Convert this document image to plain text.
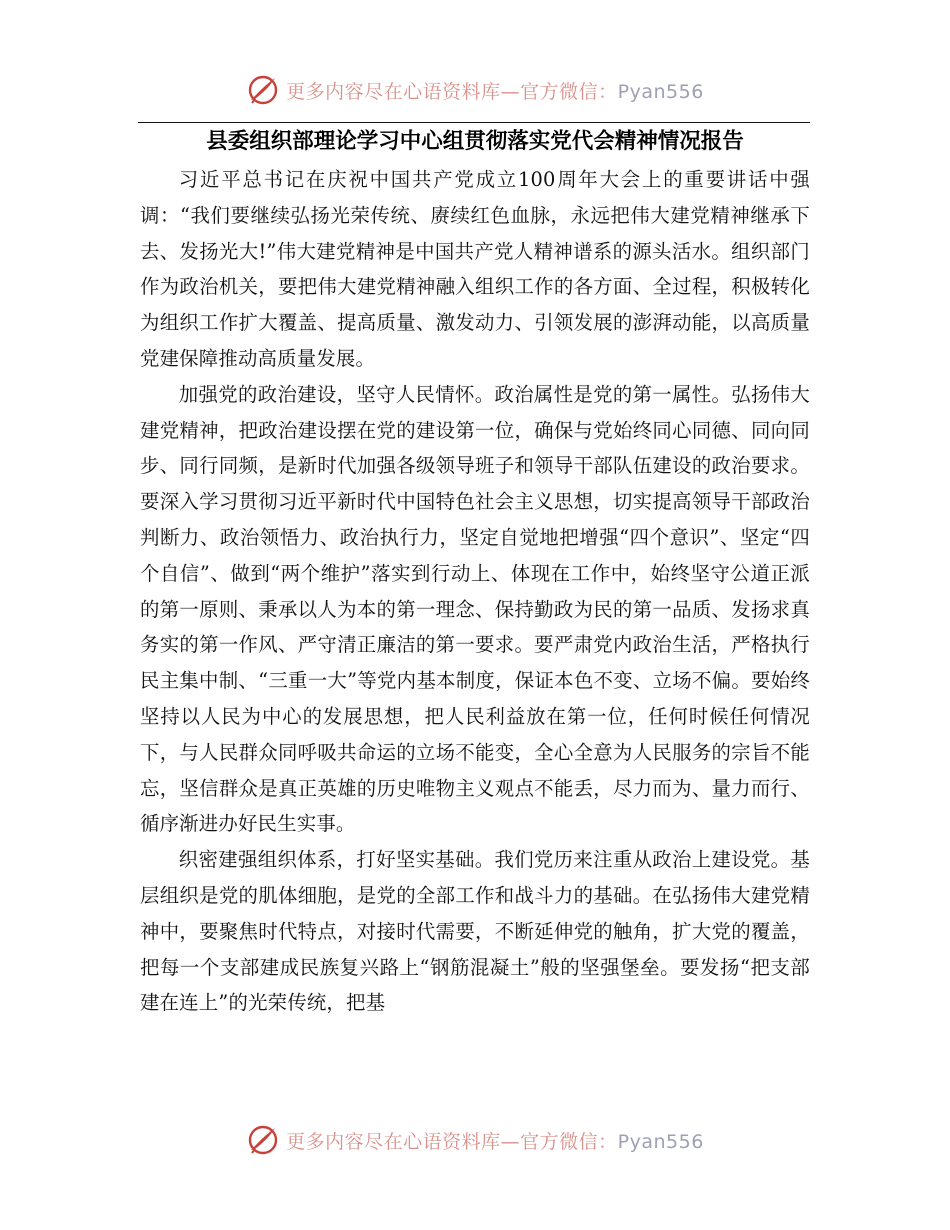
更多内容尽在心语资料库—官方微信：Pyan556
县委组织部理论学习中心组贯彻落实党代会精神情况报告

习近平总书记在庆祝中国共产党成立100周年大会上的重要讲话中强调：“我们要继续弘扬光荣传统、赓续红色血脉，永远把伟大建党精神继承下去、发扬光大!”伟大建党精神是中国共产党人精神谱系的源头活水。组织部门作为政治机关，要把伟大建党精神融入组织工作的各方面、全过程，积极转化为组织工作扩大覆盖、提高质量、激发动力、引领发展的澎湃动能，以高质量党建保障推动高质量发展。

加强党的政治建设，坚守人民情怀。政治属性是党的第一属性。弘扬伟大建党精神，把政治建设摆在党的建设第一位，确保与党始终同心同德、同向同步、同行同频，是新时代加强各级领导班子和领导干部队伍建设的政治要求。要深入学习贯彻习近平新时代中国特色社会主义思想，切实提高领导干部政治判断力、政治领悟力、政治执行力，坚定自觉地把增强“四个意识”、坚定“四个自信”、做到“两个维护”落实到行动上、体现在工作中，始终坚守公道正派的第一原则、秉承以人为本的第一理念、保持勤政为民的第一品质、发扬求真务实的第一作风、严守清正廉洁的第一要求。要严肃党内政治生活，严格执行民主集中制、“三重一大”等党内基本制度，保证本色不变、立场不偏。要始终坚持以人民为中心的发展思想，把人民利益放在第一位，任何时候任何情况下，与人民群众同呼吸共命运的立场不能变，全心全意为人民服务的宗旨不能忘，坚信群众是真正英雄的历史唯物主义观点不能丢，尽力而为、量力而行、循序渐进办好民生实事。

织密建强组织体系，打好坚实基础。我们党历来注重从政治上建设党。基层组织是党的肌体细胞，是党的全部工作和战斗力的基础。在弘扬伟大建党精神中，要聚焦时代特点，对接时代需要，不断延伸党的触角，扩大党的覆盖，把每一个支部建成民族复兴路上“钢筋混凝土”般的坚强堡垒。要发扬“把支部建在连上”的光荣传统，把基

更多内容尽在心语资料库—官方微信：Pyan556
